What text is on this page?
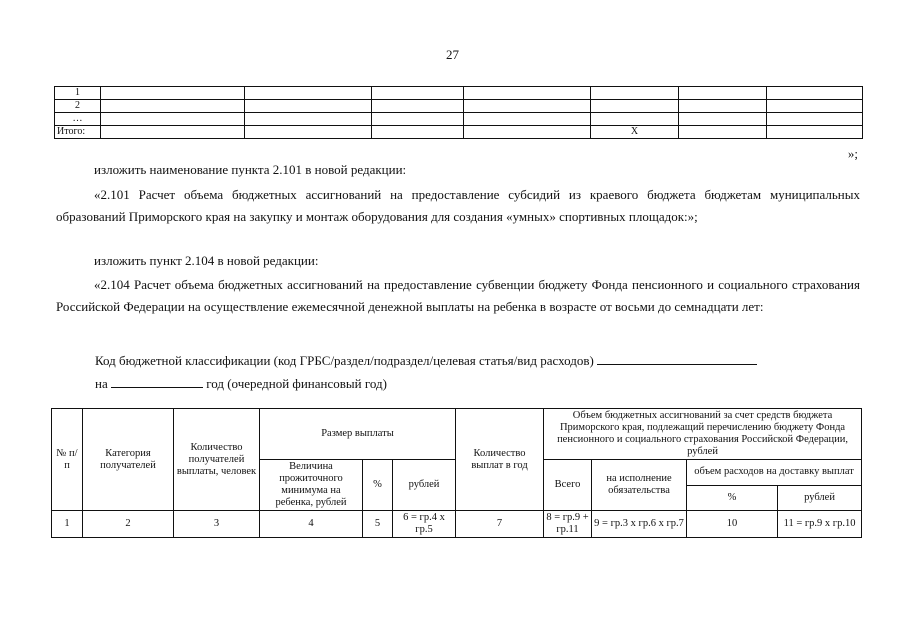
27
1							
2							
…							
Итого:					X		
»;
изложить наименование пункта 2.101 в новой редакции:
«2.101 Расчет объема бюджетных ассигнований на предоставление субсидий из краевого бюджета бюджетам муниципальных образований Приморского края на закупку и монтаж оборудования для создания «умных» спортивных площадок:»;
изложить пункт 2.104 в новой редакции:
«2.104 Расчет объема бюджетных ассигнований на предоставление субвенции бюджету Фонда пенсионного и социального страхования Российской Федерации на осуществление ежемесячной денежной выплаты на ребенка в возрасте от восьми до семнадцати лет:
Код бюджетной классификации (код ГРБС/раздел/подраздел/целевая статья/вид расходов)
на	год (очередной финансовый год)
№ п/п	Категория получателей	Количество получателей выплаты, человек	Размер выплаты			Количество выплат в год	Объем бюджетных ассигнований за счет средств бюджета Приморского края, подлежащий перечислению бюджету Фонда пенсионного и социального страхования Российской Федерации, рублей			

			Величина прожиточного минимума на ребенка, рублей	%	рублей		Всего	на исполнение обязательства	объем расходов на доставку выплат	
									%	рублей
1	2	3	4	5	6 = гр.4 х гр.5	7	8 = гр.9 + гр.11	9 = гр.3 х гр.6 х гр.7	10	11 = гр.9 х гр.10
